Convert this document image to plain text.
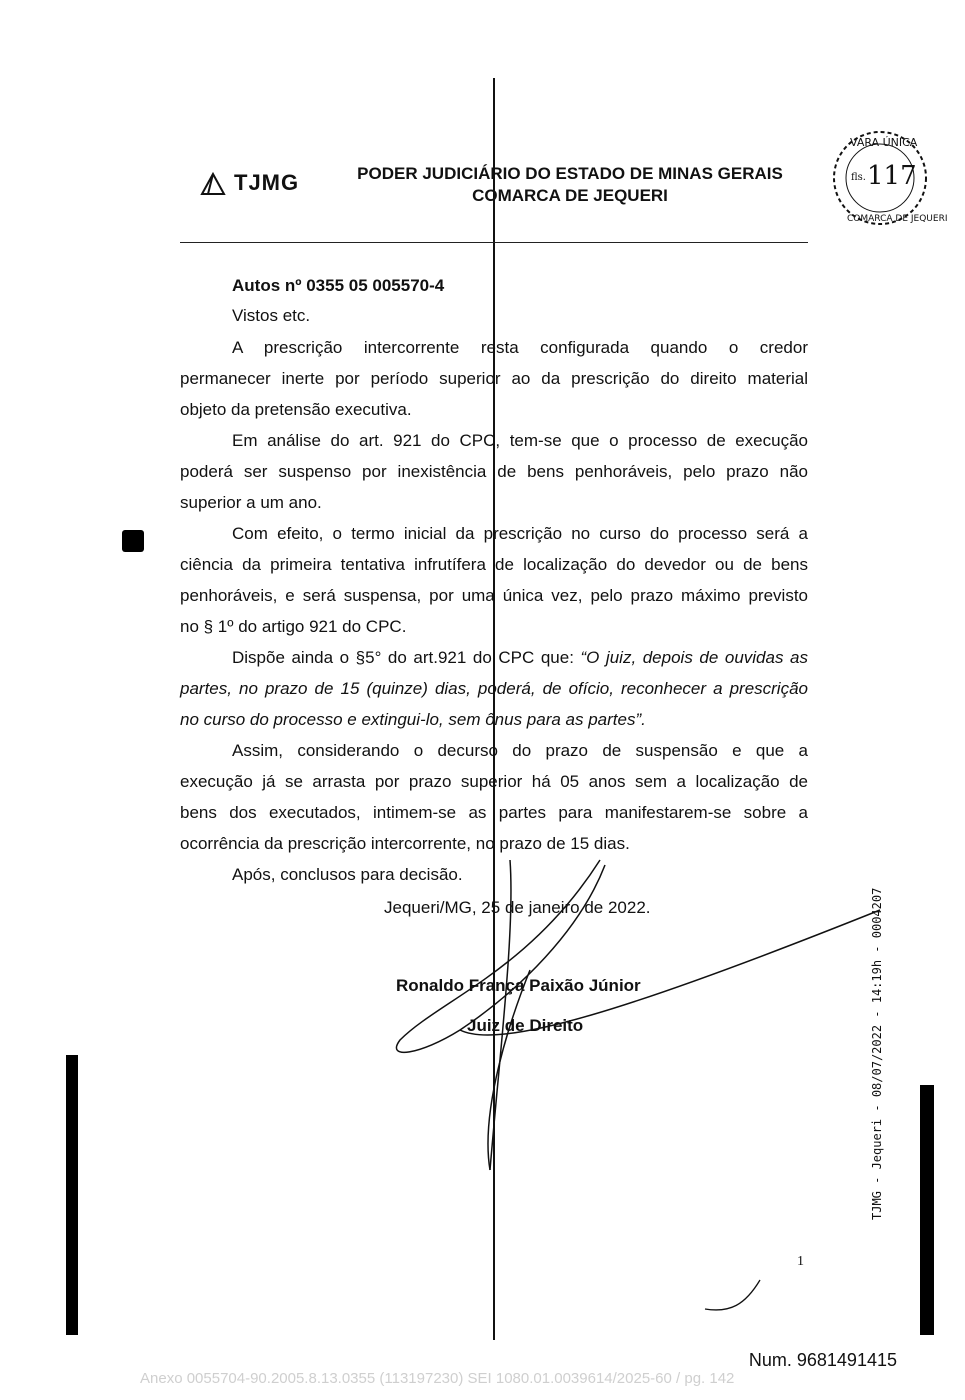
TJMG	PODER JUDICIÁRIO DO ESTADO DE MINAS GERAIS
COMARCA DE JEQUERI
VARA ÚNICA
COMARCA DE JEQUERI
fls. 117
Autos nº 0355 05 005570-4
Vistos etc.
A prescrição intercorrente resta configurada quando o credor
permanecer inerte por período superior ao da prescrição do direito material
objeto da pretensão executiva.
Em análise do art. 921 do CPC, tem-se que o processo de execução
poderá ser suspenso por inexistência de bens penhoráveis, pelo prazo não
superior a um ano.
Com efeito, o termo inicial da prescrição no curso do processo será a
ciência da primeira tentativa infrutífera de localização do devedor ou de bens
penhoráveis, e será suspensa, por uma única vez, pelo prazo máximo previsto
no § 1º do artigo 921 do CPC.
Dispõe ainda o §5° do art.921 do CPC que: “O juiz, depois de ouvidas as
partes, no prazo de 15 (quinze) dias, poderá, de ofício, reconhecer a prescrição
no curso do processo e extingui-lo, sem ônus para as partes”.
Assim, considerando o decurso do prazo de suspensão e que a
execução já se arrasta por prazo superior há 05 anos sem a localização de
bens dos executados, intimem-se as partes para manifestarem-se sobre a
ocorrência da prescrição intercorrente, no prazo de 15 dias.
Após, conclusos para decisão.
Jequeri/MG, 25 de janeiro de 2022.
Ronaldo França Paixão Júnior
Juiz de Direito	TJMG - Jequeri - 08/07/2022 - 14:19h - 0004207
1
Num. 9681491415
Anexo 0055704-90.2005.8.13.0355 (113197230) SEI 1080.01.0039614/2025-60 / pg. 142
